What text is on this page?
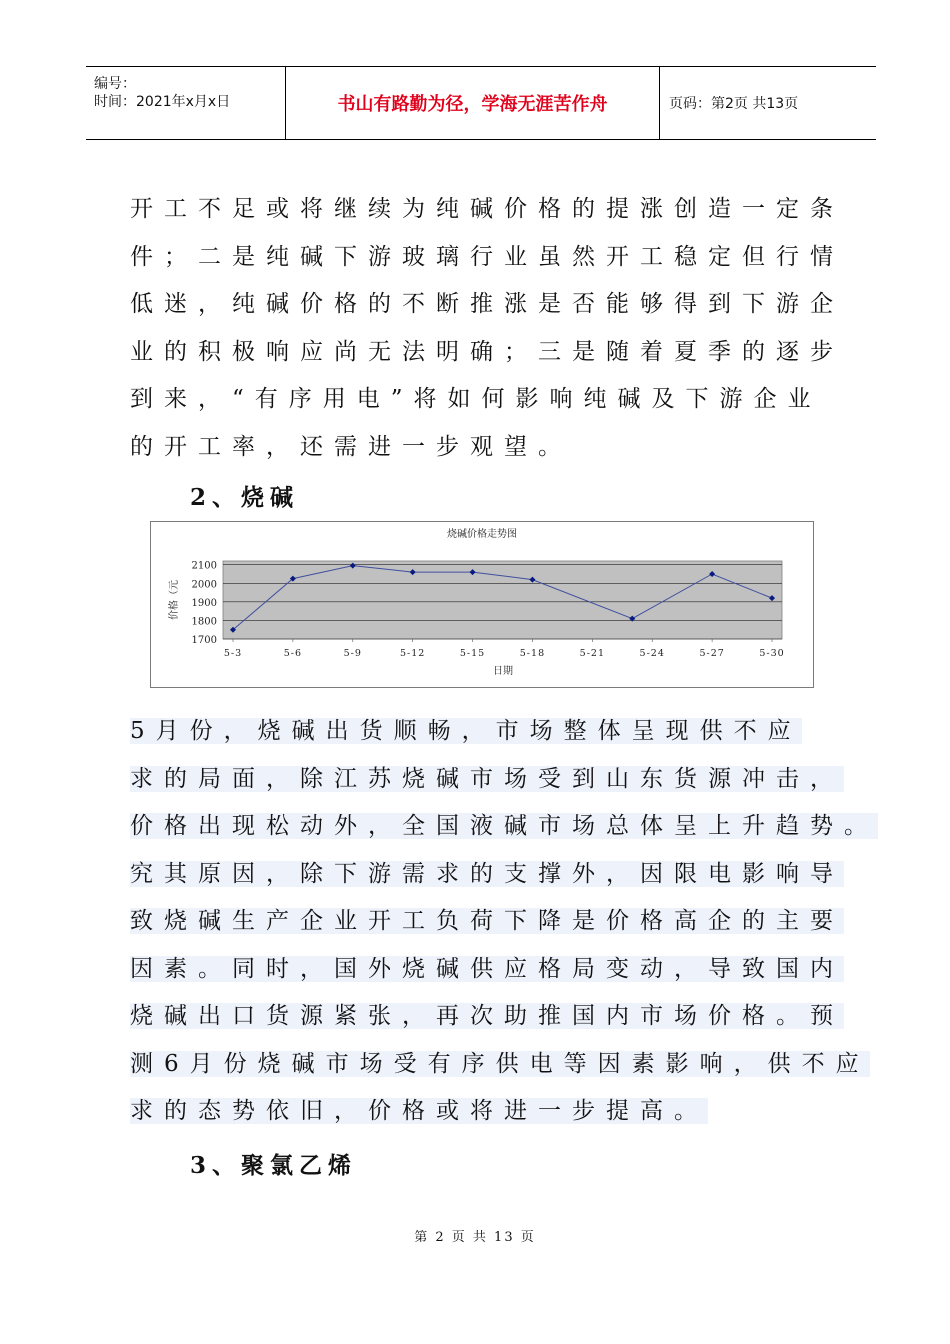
编号：
时间：2021年x月x日	书山有路勤为径，学海无涯苦作舟	页码：第2页 共13页
开工不足或将继续为纯碱价格的提涨创造一定条
件；二是纯碱下游玻璃行业虽然开工稳定但行情
低迷，纯碱价格的不断推涨是否能够得到下游企
业的积极响应尚无法明确；三是随着夏季的逐步
到来，“有序用电”将如何影响纯碱及下游企业
的开工率，还需进一步观望。
2、烧碱
烧碱价格走势图
1700
1800
1900
2000
2100
5-3	5-6	5-9	5-12	5-15	5-18	5-21	5-24	5-27	5-30
日期
价格（元
5月份，烧碱出货顺畅，市场整体呈现供不应
求的局面，除江苏烧碱市场受到山东货源冲击，
价格出现松动外，全国液碱市场总体呈上升趋势。
究其原因，除下游需求的支撑外，因限电影响导
致烧碱生产企业开工负荷下降是价格高企的主要
因素。同时，国外烧碱供应格局变动，导致国内
烧碱出口货源紧张，再次助推国内市场价格。预
测6月份烧碱市场受有序供电等因素影响，供不应
求的态势依旧，价格或将进一步提高。
3、聚氯乙烯
第 2 页 共 13 页
